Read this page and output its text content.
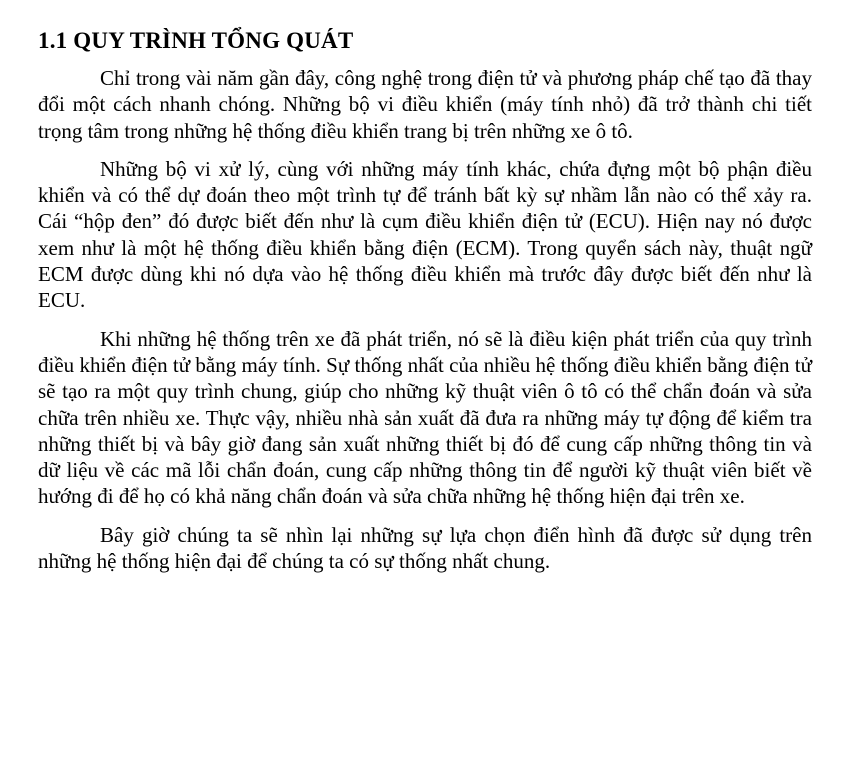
1.1 QUY TRÌNH TỔNG QUÁT

Chỉ trong vài năm gần đây, công nghệ trong điện tử và phương pháp chế tạo đã thay đổi một cách nhanh chóng. Những bộ vi điều khiển (máy tính nhỏ) đã trở thành chi tiết trọng tâm trong những hệ thống điều khiển trang bị trên những xe ô tô.

Những bộ vi xử lý, cùng với những máy tính khác, chứa đựng một bộ phận điều khiển và có thể dự đoán theo một trình tự để tránh bất kỳ sự nhầm lẫn nào có thể xảy ra. Cái “hộp đen” đó được biết đến như là cụm điều khiển điện tử (ECU). Hiện nay nó được xem như là một hệ thống điều khiển bằng điện (ECM). Trong quyển sách này, thuật ngữ ECM được dùng khi nó dựa vào hệ thống điều khiển mà trước đây được biết đến như là ECU.

Khi những hệ thống trên xe đã phát triển, nó sẽ là điều kiện phát triển của quy trình điều khiển điện tử bằng máy tính. Sự thống nhất của nhiều hệ thống điều khiển bằng điện tử sẽ tạo ra một quy trình chung, giúp cho những kỹ thuật viên ô tô có thể chẩn đoán và sửa chữa trên nhiều xe. Thực vậy, nhiều nhà sản xuất đã đưa ra những máy tự động để kiểm tra những thiết bị và bây giờ đang sản xuất những thiết bị đó để cung cấp những thông tin và dữ liệu về các mã lỗi chẩn đoán, cung cấp những thông tin để người kỹ thuật viên biết về hướng đi để họ có khả năng chẩn đoán và sửa chữa những hệ thống hiện đại trên xe.

Bây giờ chúng ta sẽ nhìn lại những sự lựa chọn điển hình đã được sử dụng trên những hệ thống hiện đại để chúng ta có sự thống nhất chung.
